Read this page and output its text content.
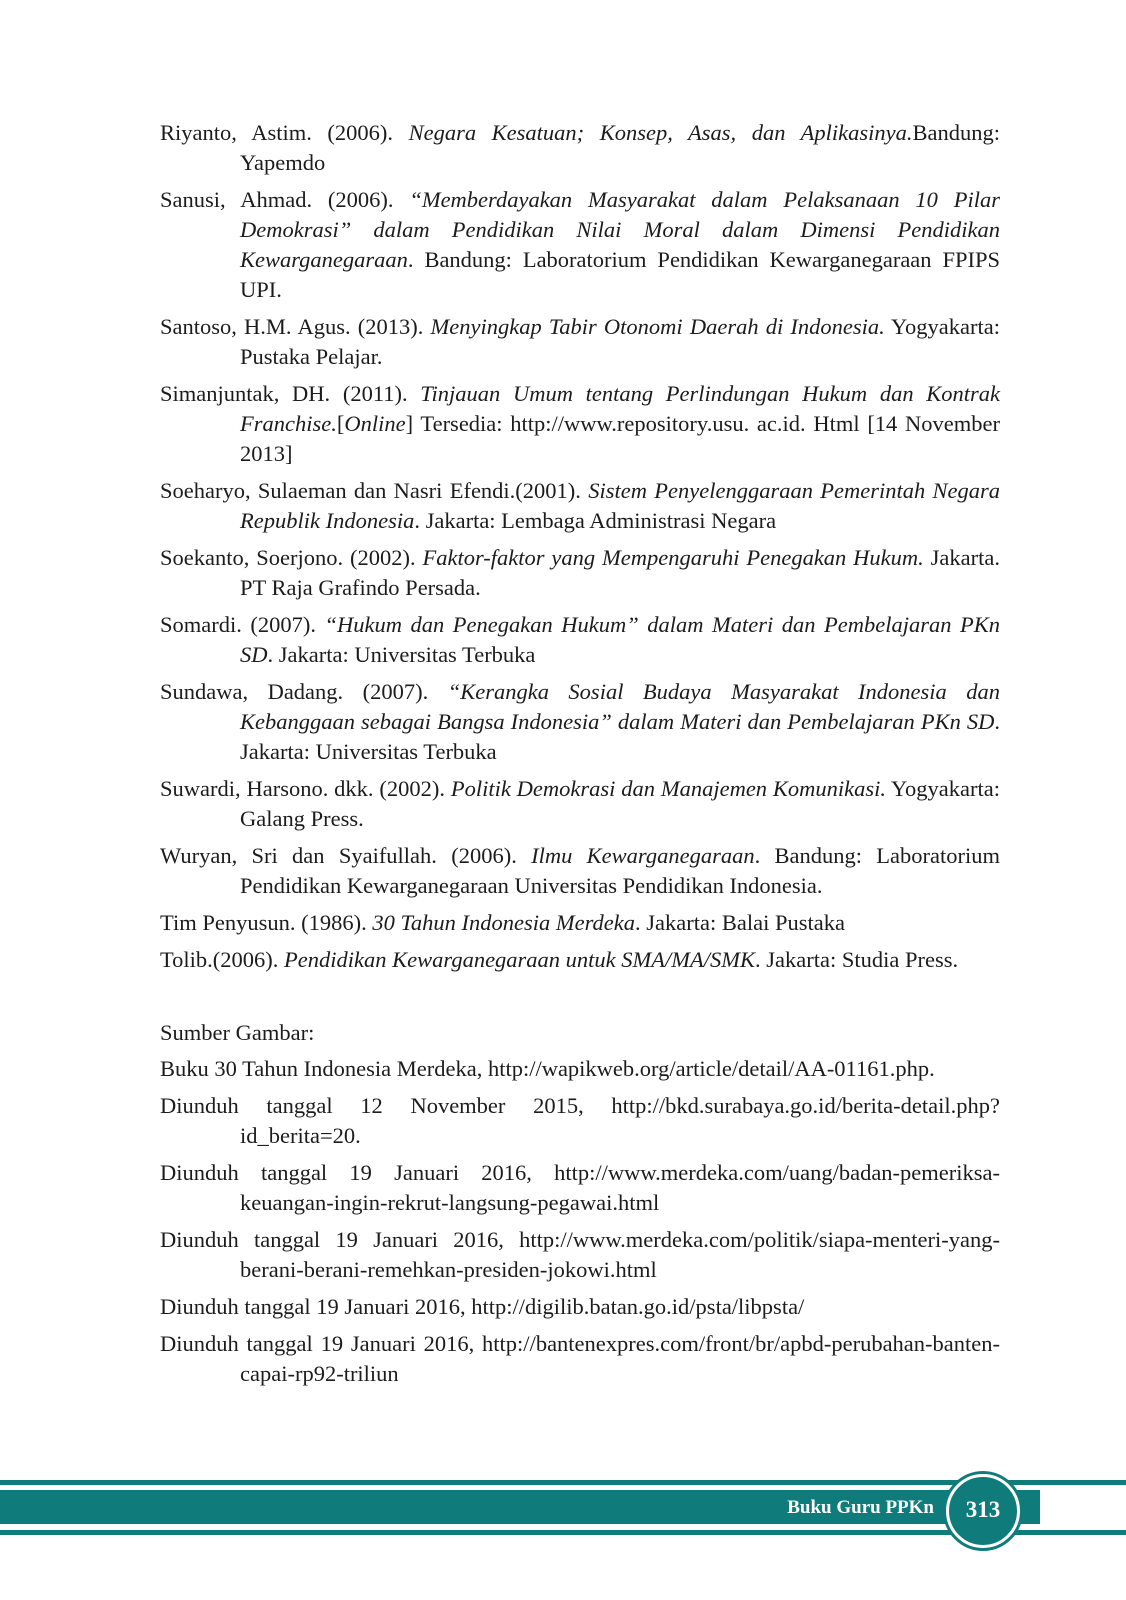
Riyanto, Astim. (2006). Negara Kesatuan; Konsep, Asas, dan Aplikasinya.Bandung: Yapemdo

Sanusi, Ahmad. (2006). “Memberdayakan Masyarakat dalam Pelaksanaan 10 Pilar Demokrasi” dalam Pendidikan Nilai Moral dalam Dimensi Pendidikan Kewarganegaraan. Bandung: Laboratorium Pendidikan Kewarganegaraan FPIPS UPI.

Santoso, H.M. Agus. (2013). Menyingkap Tabir Otonomi Daerah di Indonesia. Yogyakarta: Pustaka Pelajar.

Simanjuntak, DH. (2011). Tinjauan Umum tentang Perlindungan Hukum dan Kontrak Franchise.[Online] Tersedia: http://www.repository.usu. ac.id. Html [14 November 2013]

Soeharyo, Sulaeman dan Nasri Efendi.(2001). Sistem Penyelenggaraan Pemerintah Negara Republik Indonesia. Jakarta: Lembaga Administrasi Negara

Soekanto, Soerjono. (2002). Faktor-faktor yang Mempengaruhi Penegakan Hukum. Jakarta. PT Raja Grafindo Persada.

Somardi. (2007). “Hukum dan Penegakan Hukum” dalam Materi dan Pembelajaran PKn SD. Jakarta: Universitas Terbuka

Sundawa, Dadang. (2007). “Kerangka Sosial Budaya Masyarakat Indonesia dan Kebanggaan sebagai Bangsa Indonesia” dalam Materi dan Pembelajaran PKn SD. Jakarta: Universitas Terbuka

Suwardi, Harsono. dkk. (2002). Politik Demokrasi dan Manajemen Komunikasi. Yogyakarta: Galang Press.

Wuryan, Sri dan Syaifullah. (2006). Ilmu Kewarganegaraan. Bandung: Laboratorium Pendidikan Kewarganegaraan Universitas Pendidikan Indonesia.

Tim Penyusun. (1986). 30 Tahun Indonesia Merdeka. Jakarta: Balai Pustaka

Tolib.(2006). Pendidikan Kewarganegaraan untuk SMA/MA/SMK. Jakarta: Studia Press.

Sumber Gambar:

Buku 30 Tahun Indonesia Merdeka, http://wapikweb.org/article/detail/AA-01161.php.

Diunduh tanggal 12 November 2015, http://bkd.surabaya.go.id/berita-detail.php?id_berita=20.

Diunduh tanggal 19 Januari 2016, http://www.merdeka.com/uang/badan-pemeriksa-keuangan-ingin-rekrut-langsung-pegawai.html

Diunduh tanggal 19 Januari 2016, http://www.merdeka.com/politik/siapa-menteri-yang-berani-berani-remehkan-presiden-jokowi.html

Diunduh tanggal 19 Januari 2016, http://digilib.batan.go.id/psta/libpsta/

Diunduh tanggal 19 Januari 2016, http://bantenexpres.com/front/br/apbd-perubahan-banten-capai-rp92-triliun

Buku Guru PPKn	313
